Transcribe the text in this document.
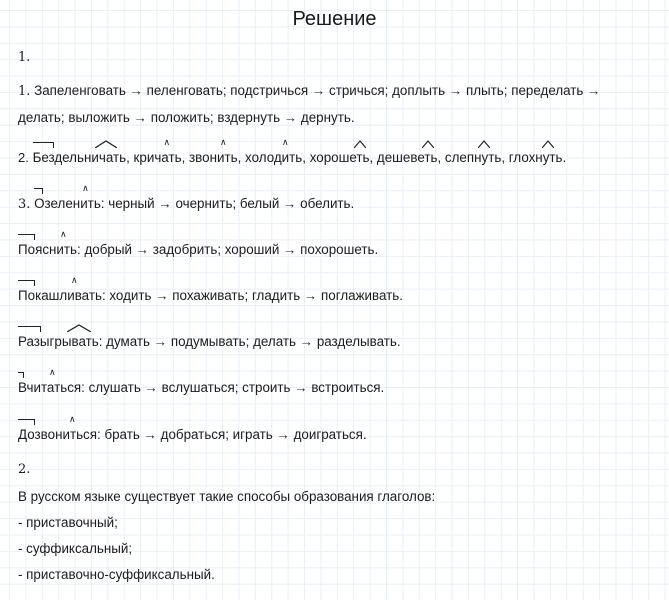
Решение
1.
1. Запеленговать → пеленговать; подстричься → стричься; доплыть → плыть; переделать →
делать; выложить → положить; вздернуть → дернуть.
2. Бездельничать,
∧
кричать,
∧
звонить,
∧
холодить,
хорошеть,
дешеветь,
слепнуть,
глохнуть.
3.
∧
Озеленить: черный → очернить; белый → обелить.
∧
Пояснить: добрый → задобрить; хороший → похорошеть.
∧
Покашливать: ходить → похаживать; гладить → поглаживать.
Разыгрывать: думать → подумывать; делать → разделывать.
∧
Вчитаться: слушать → вслушаться; строить → встроиться.
∧
Дозвониться: брать → добраться; играть → доиграться.
2.
В русском языке существует такие способы образования глаголов:
- приставочный;
- суффиксальный;
- приставочно-суффиксальный.
